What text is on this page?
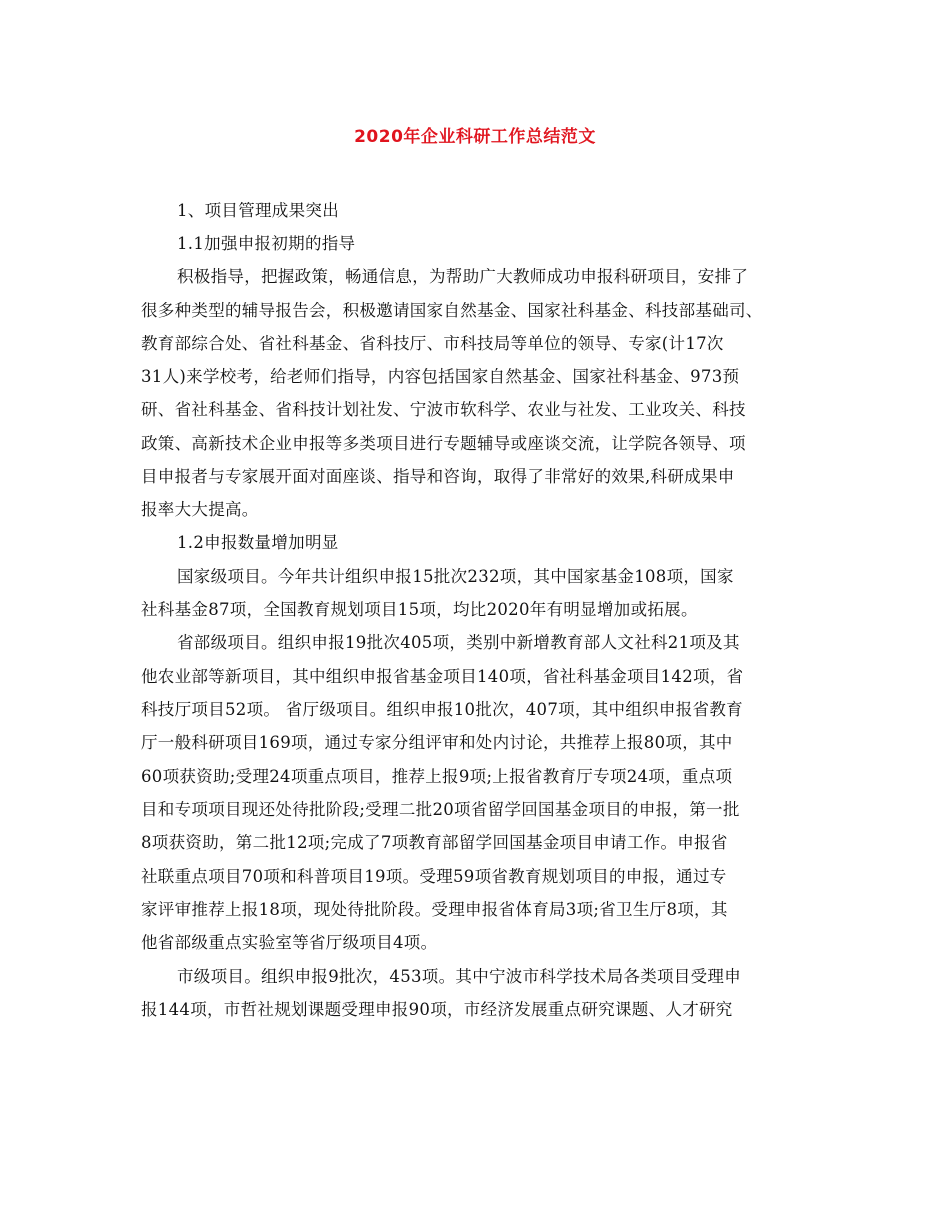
2020年企业科研工作总结范文
1、项目管理成果突出
1.1加强申报初期的指导
积极指导，把握政策，畅通信息，为帮助广大教师成功申报科研项目，安排了
很多种类型的辅导报告会，积极邀请国家自然基金、国家社科基金、科技部基础司、
教育部综合处、省社科基金、省科技厅、市科技局等单位的领导、专家(计17次
31人)来学校考，给老师们指导，内容包括国家自然基金、国家社科基金、973预
研、省社科基金、省科技计划社发、宁波市软科学、农业与社发、工业攻关、科技
政策、高新技术企业申报等多类项目进行专题辅导或座谈交流，让学院各领导、项
目申报者与专家展开面对面座谈、指导和咨询，取得了非常好的效果,科研成果申
报率大大提高。
1.2申报数量增加明显
国家级项目。今年共计组织申报15批次232项，其中国家基金108项，国家
社科基金87项，全国教育规划项目15项，均比2020年有明显增加或拓展。
省部级项目。组织申报19批次405项，类别中新增教育部人文社科21项及其
他农业部等新项目，其中组织申报省基金项目140项，省社科基金项目142项，省
科技厅项目52项。 省厅级项目。组织申报10批次，407项，其中组织申报省教育
厅一般科研项目169项，通过专家分组评审和处内讨论，共推荐上报80项，其中
60项获资助;受理24项重点项目，推荐上报9项;上报省教育厅专项24项，重点项
目和专项项目现还处待批阶段;受理二批20项省留学回国基金项目的申报，第一批
8项获资助，第二批12项;完成了7项教育部留学回国基金项目申请工作。申报省
社联重点项目70项和科普项目19项。受理59项省教育规划项目的申报，通过专
家评审推荐上报18项，现处待批阶段。受理申报省体育局3项;省卫生厅8项，其
他省部级重点实验室等省厅级项目4项。
市级项目。组织申报9批次，453项。其中宁波市科学技术局各类项目受理申
报144项，市哲社规划课题受理申报90项，市经济发展重点研究课题、人才研究
